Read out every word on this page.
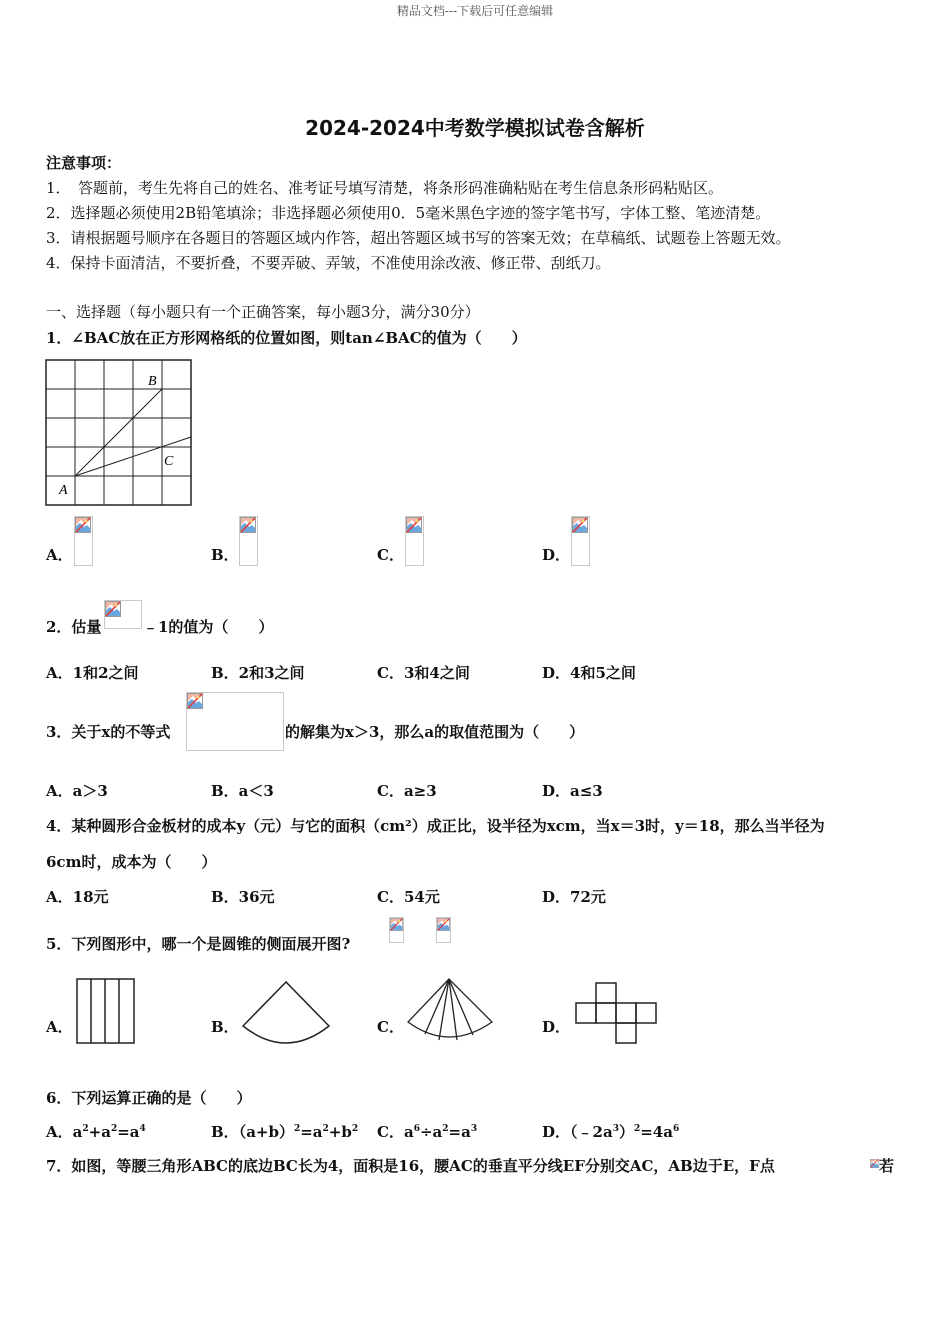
精品文档---下载后可任意编辑
2024-2024中考数学模拟试卷含解析
注意事项：
1．　答题前，考生先将自己的姓名、准考证号填写清楚，将条形码准确粘贴在考生信息条形码粘贴区。
2．选择题必须使用2B铅笔填涂；非选择题必须使用0．5毫米黑色字迹的签字笔书写，字体工整、笔迹清楚。
3．请根据题号顺序在各题目的答题区域内作答，超出答题区域书写的答案无效；在草稿纸、试题卷上答题无效。
4．保持卡面清洁，不要折叠，不要弄破、弄皱，不准使用涂改液、修正带、刮纸刀。
一、选择题（每小题只有一个正确答案，每小题3分，满分30分）
1．∠BAC放在正方形网格纸的位置如图，则tan∠BAC的值为（　　）
B
C
A
A．	B．	C．	D．
2．估量	﹣1的值为（　　）
A．1和2之间	B．2和3之间	C．3和4之间	D．4和5之间
3．关于x的不等式	的解集为x＞3，那么a的取值范围为（　　）
A．a＞3	B．a＜3	C．a≥3	D．a≤3
4．某种圆形合金板材的成本y（元）与它的面积（cm²）成正比，设半径为xcm，当x＝3时，y＝18，那么当半径为
6cm时，成本为（　　）
A．18元	B．36元	C．54元	D．72元
5．下列图形中，哪一个是圆锥的侧面展开图?
A．	B．	C．	D．
6．下列运算正确的是（　　）
A．$a^2+a^2=a^4$	B．$(a+b)^2=a^2+b^2$ C．$a^6\div a^2=a^3$	D．$(﹣2a^3)^2=4a^6$
7．如图，等腰三角形ABC的底边BC长为4，面积是16，腰AC的垂直平分线EF分别交AC，AB边于E，F点	若
